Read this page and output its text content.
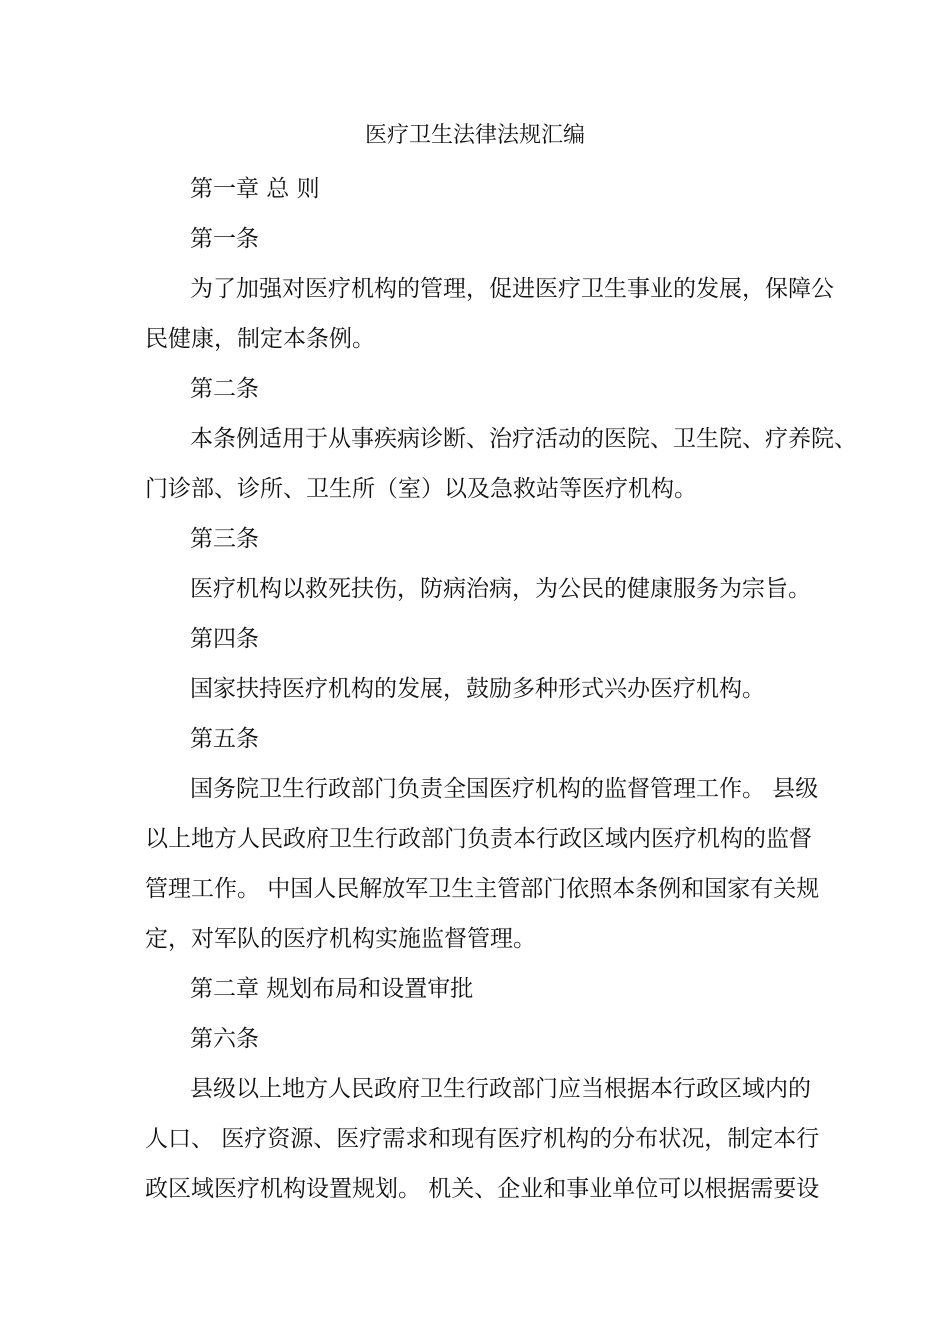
医疗卫生法律法规汇编
第一章 总 则
第一条
为了加强对医疗机构的管理，促进医疗卫生事业的发展，保障公
民健康，制定本条例。
第二条
本条例适用于从事疾病诊断、治疗活动的医院、卫生院、疗养院、
门诊部、诊所、卫生所（室）以及急救站等医疗机构。
第三条
医疗机构以救死扶伤，防病治病，为公民的健康服务为宗旨。
第四条
国家扶持医疗机构的发展，鼓励多种形式兴办医疗机构。
第五条
国务院卫生行政部门负责全国医疗机构的监督管理工作。 县级
以上地方人民政府卫生行政部门负责本行政区域内医疗机构的监督
管理工作。 中国人民解放军卫生主管部门依照本条例和国家有关规
定，对军队的医疗机构实施监督管理。
第二章 规划布局和设置审批
第六条
县级以上地方人民政府卫生行政部门应当根据本行政区域内的
人口、 医疗资源、医疗需求和现有医疗机构的分布状况，制定本行
政区域医疗机构设置规划。 机关、企业和事业单位可以根据需要设
